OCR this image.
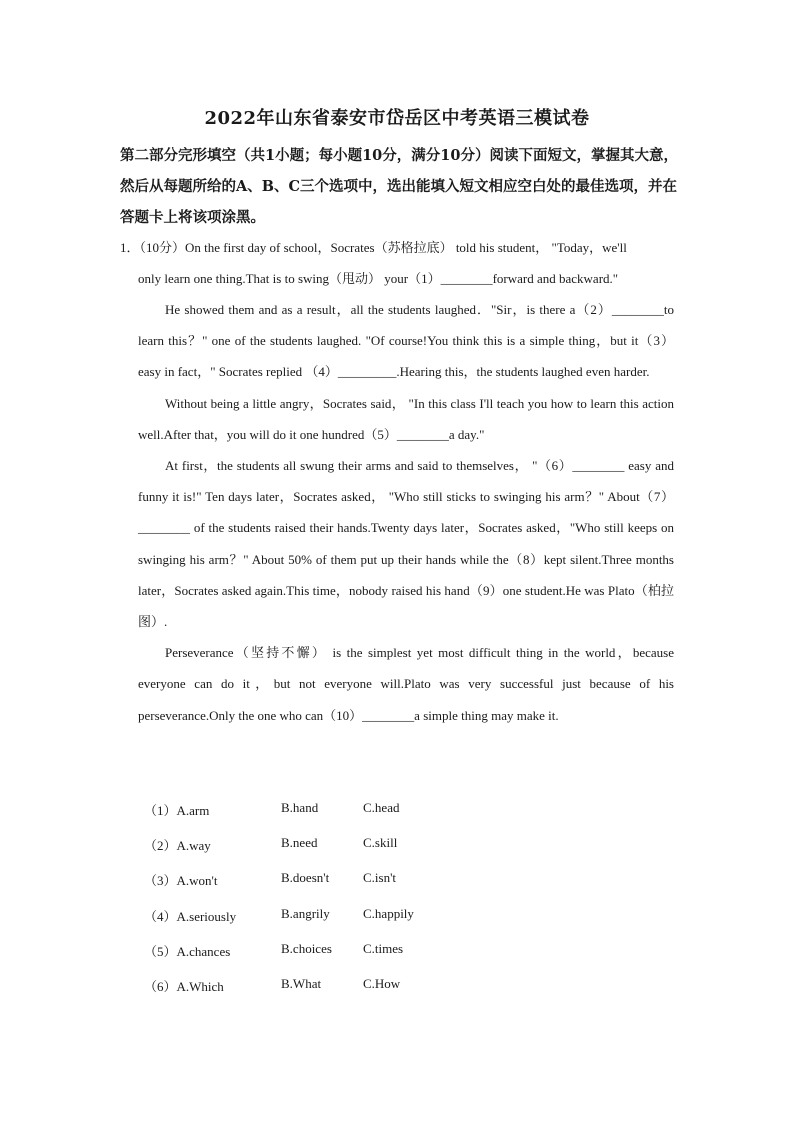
2022年山东省泰安市岱岳区中考英语三模试卷
第二部分完形填空（共1小题；每小题10分，满分10分）阅读下面短文，掌握其大意，然后从每题所给的A、B、C三个选项中，选出能填入短文相应空白处的最佳选项，并在答题卡上将该项涂黑。
1．（10分）On the first day of school，Socrates（苏格拉底） told his student， "Today，we'll
only learn one thing.That is to swing（甩动） your（1）________forward and backward."

He showed them and as a result，all the students laughed．"Sir，is there a（2）________to learn this？" one of the students laughed. "Of course!You think this is a simple thing，but it（3）easy in fact，" Socrates replied （4）_________.Hearing this，the students laughed even harder.

Without being a little angry，Socrates said， "In this class I'll teach you how to learn this action well.After that，you will do it one hundred（5）________a day."

At first，the students all swung their arms and said to themselves， "（6）________ easy and funny it is!" Ten days later，Socrates asked， "Who still sticks to swinging his arm？" About（7）________ of the students raised their hands.Twenty days later，Socrates asked，"Who still keeps on swinging his arm？" About 50% of them put up their hands while the（8）kept silent.Three months later，Socrates asked again.This time，nobody raised his hand（9）one student.He was Plato（柏拉图）.

Perseverance（坚持不懈） is the simplest yet most difficult thing in the world，because everyone can do it，but not everyone will.Plato was very successful just because of his perseverance.Only the one who can（10）________a simple thing may make it.

（1）A.arm	B.hand	C.head
（2）A.way	B.need	C.skill
（3）A.won't	B.doesn't	C.isn't
（4）A.seriously	B.angrily	C.happily
（5）A.chances	B.choices C.times
（6）A.Which	B.What	C.How
